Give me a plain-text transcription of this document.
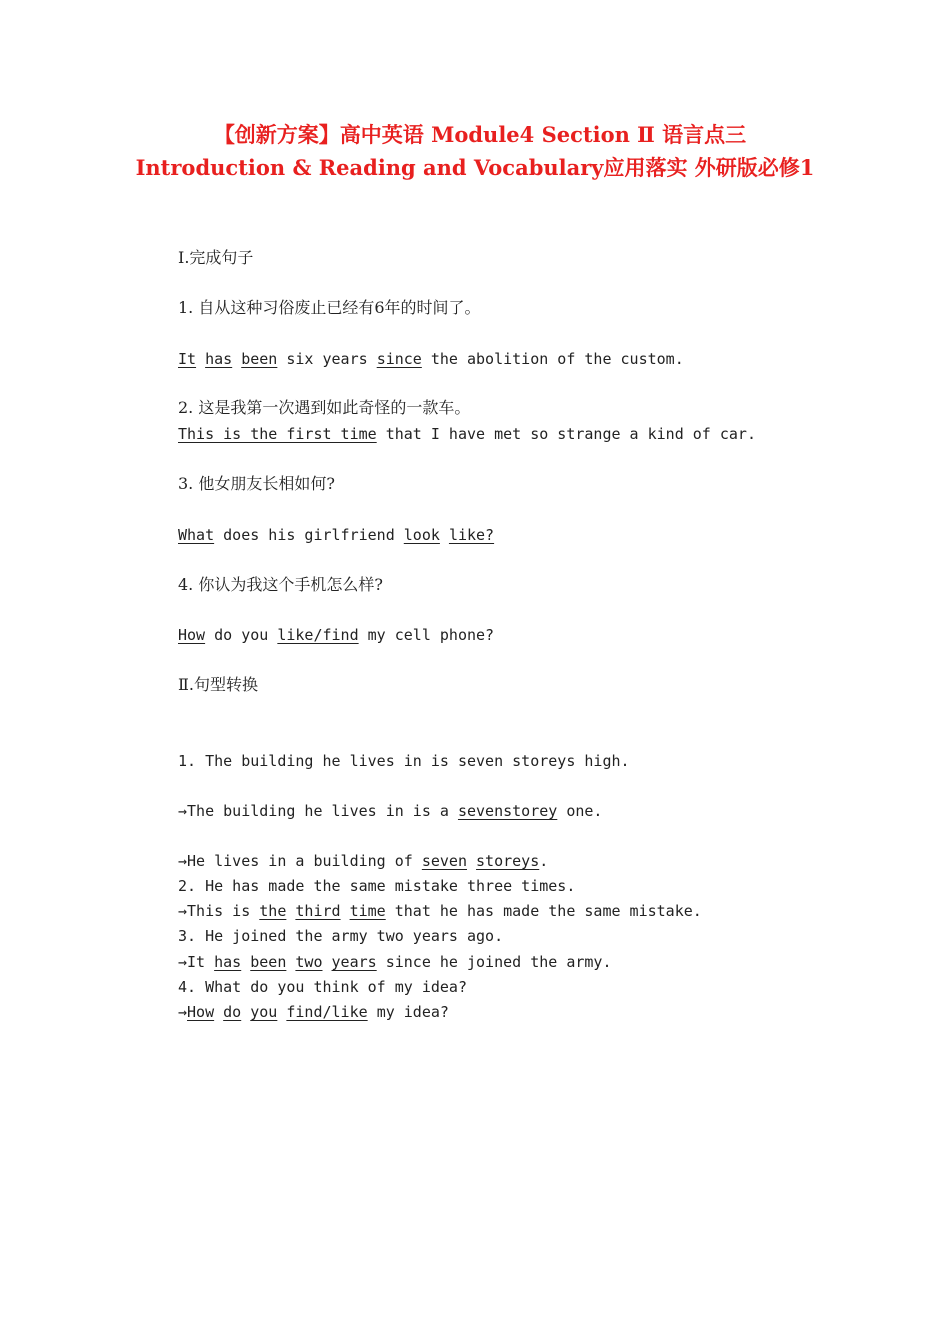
【创新方案】高中英语 Module4 Section Ⅱ 语言点三
Introduction & Reading and Vocabulary应用落实 外研版必修1
Ⅰ.完成句子
1. 自从这种习俗废止已经有6年的时间了。
It has been six years since the abolition of the custom.
2. 这是我第一次遇到如此奇怪的一款车。
This is the first time that I have met so strange a kind of car.
3. 他女朋友长相如何?
What does his girlfriend look like?
4. 你认为我这个手机怎么样?
How do you like/find my cell phone?
Ⅱ.句型转换
1. The building he lives in is seven storeys high.
→The building he lives in is a sevenstorey one.
→He lives in a building of seven storeys.
2. He has made the same mistake three times.
→This is the third time that he has made the same mistake.
3. He joined the army two years ago.
→It has been two years since he joined the army.
4. What do you think of my idea?
→How do you find/like my idea?
